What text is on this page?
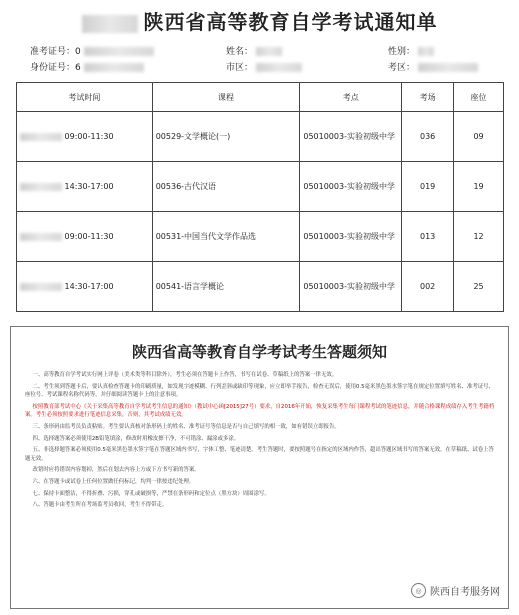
陕西省高等教育自学考试通知单
准考证号：0
身份证号：6
姓名：
市区：
性别：
考区：
考试时间	课程	考点	考场	座位
09:00-11:30	00529-文学概论(一)	05010003-实验初级中学	036	09
14:30-17:00	00536-古代汉语	05010003-实验初级中学	019	19
09:00-11:30	00531-中国当代文学作品选	05010003-实验初级中学	013	12
14:30-17:00	00541-语言学概论	05010003-实验初级中学	002	25
陕西省高等教育自学考试考生答题须知

一、高等教育自学考试实行网上评卷（美术类等科目除外），考生必须在答题卡上作答，书写在试卷、草稿纸上的答案一律无效。

二、考生须到答题卡后，要认真检查答题卡的印刷质量，如发现字迹模糊、行列歪斜或缺印等现象，应立即举手报告，检查无误后，使用0.5毫米黑色墨水签字笔在规定位置填写姓名、准考证号、座位号、考试课程名称代码等，并仔细阅读答题卡上的注意事项。

按照教育部考试中心《关于采集高等教育自学考试考生信息的通知》（教试中心函[2015]27号）要求，自2016年开始，恢复采集考生每门课程考试的笔迹信息，并随合格课程成绩存入考生考籍档案。考生必须按照要求进行笔迹信息采集，否则，其考试成绩无效。

三、条形码由监考员负责粘贴。考生要认真核对条形码上的姓名、准考证号等信息是否与自己填写的相一致，如有错误立即报告。

四、选择题答案必须使用2B铅笔填涂，修改时用橡皮擦干净，不可错涂、漏涂或多涂。

五、非选择题答案必须使用0.5毫米黑色墨水签字笔在答题区域内书写，字体工整、笔迹清楚。考生答题时，要按照题号在指定的区域内作答，超出答题区域书写的答案无效。在草稿纸、试卷上答题无效。

改错时应将错误内容划掉，然后在划去内容上方或下方书写新的答案。

六、在答题卡或试卷上任何位置做任何标记，均判一律按违纪处理。

七、保持卡面整洁，不得折叠、污损，穿孔或破损等，严禁在条形码和定位点（黑方块）周围涂写。

八、答题卡由考生所在考场监考员收回，考生不得带走。

◎ 陕西自考服务网
